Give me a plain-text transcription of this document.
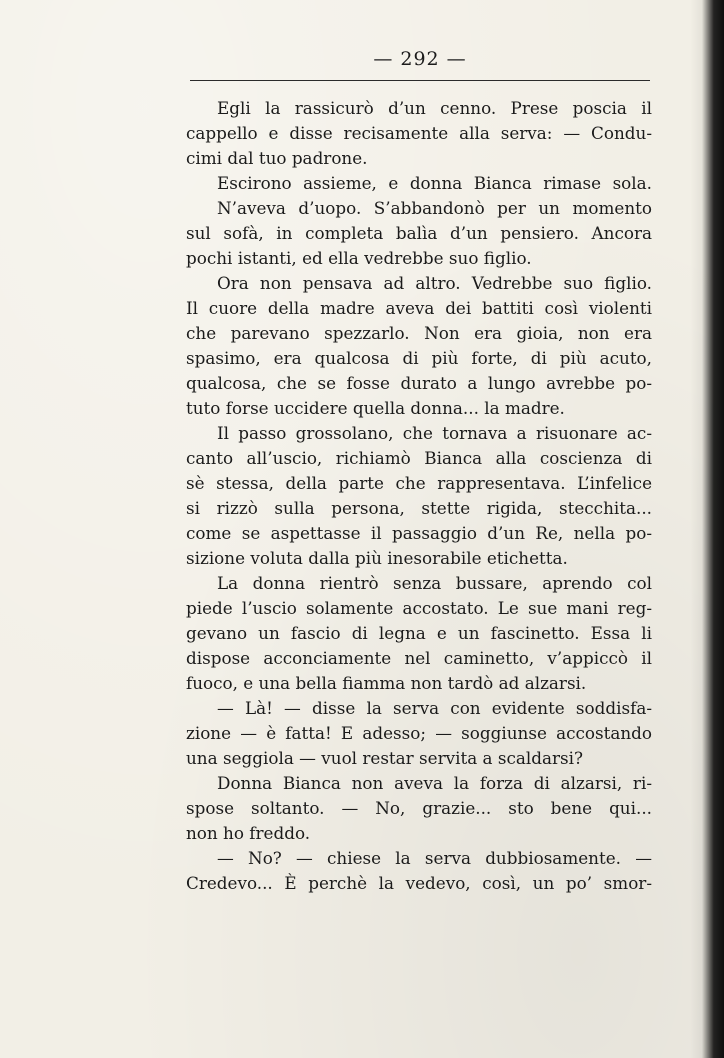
— 292 —
Egli la rassicurò d’un cenno. Prese poscia il
cappello e disse recisamente alla serva: — Condu-
cimi dal tuo padrone.
Escirono assieme, e donna Bianca rimase sola.
N’aveva d’uopo. S’abbandonò per un momento
sul sofà, in completa balìa d’un pensiero. Ancora
pochi istanti, ed ella vedrebbe suo figlio.
Ora non pensava ad altro. Vedrebbe suo figlio.
Il cuore della madre aveva dei battiti così violenti
che parevano spezzarlo. Non era gioia, non era
spasimo, era qualcosa di più forte, di più acuto,
qualcosa, che se fosse durato a lungo avrebbe po-
tuto forse uccidere quella donna... la madre.
Il passo grossolano, che tornava a risuonare ac-
canto all’uscio, richiamò Bianca alla coscienza di
sè stessa, della parte che rappresentava. L’infelice
si rizzò sulla persona, stette rigida, stecchita...
come se aspettasse il passaggio d’un Re, nella po-
sizione voluta dalla più inesorabile etichetta.
La donna rientrò senza bussare, aprendo col
piede l’uscio solamente accostato. Le sue mani reg-
gevano un fascio di legna e un fascinetto. Essa li
dispose acconciamente nel caminetto, v’appiccò il
fuoco, e una bella fiamma non tardò ad alzarsi.
— Là! — disse la serva con evidente soddisfa-
zione — è fatta! E adesso; — soggiunse accostando
una seggiola — vuol restar servita a scaldarsi?
Donna Bianca non aveva la forza di alzarsi, ri-
spose soltanto. — No, grazie... sto bene qui...
non ho freddo.
— No? — chiese la serva dubbiosamente. —
Credevo... È perchè la vedevo, così, un po’ smor-
